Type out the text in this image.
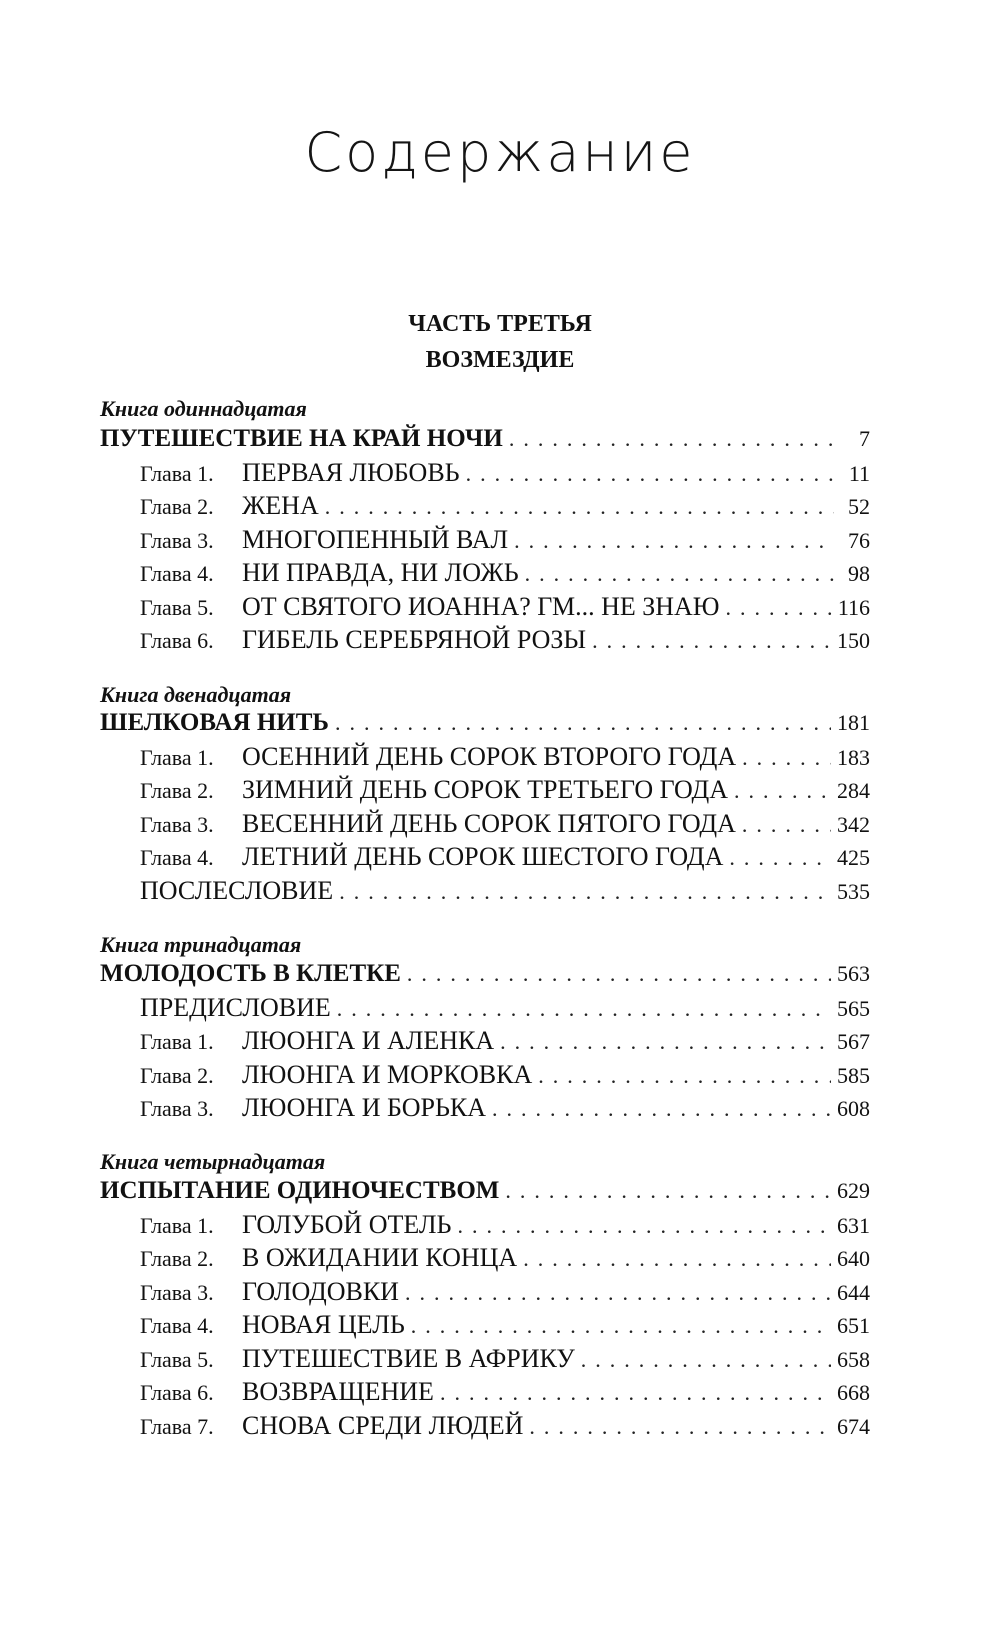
Содержание
ЧАСТЬ ТРЕТЬЯ
ВОЗМЕЗДИЕ
Книга одиннадцатая
ПУТЕШЕСТВИЕ НА КРАЙ НОЧИ .....	7
Глава 1.	ПЕРВАЯ ЛЮБОВЬ .....	11
Глава 2.	ЖЕНА .....	52
Глава 3.	МНОГОПЕННЫЙ ВАЛ .....	76
Глава 4.	НИ ПРАВДА, НИ ЛОЖЬ .....	98
Глава 5.	ОТ СВЯТОГО ИОАННА? ГМ... НЕ ЗНАЮ .....	116
Глава 6.	ГИБЕЛЬ СЕРЕБРЯНОЙ РОЗЫ .....	150
Книга двенадцатая
ШЕЛКОВАЯ НИТЬ .....	181
Глава 1.	ОСЕННИЙ ДЕНЬ СОРОК ВТОРОГО ГОДА .....	183
Глава 2.	ЗИМНИЙ ДЕНЬ СОРОК ТРЕТЬЕГО ГОДА .....	284
Глава 3.	ВЕСЕННИЙ ДЕНЬ СОРОК ПЯТОГО ГОДА .....	342
Глава 4.	ЛЕТНИЙ ДЕНЬ СОРОК ШЕСТОГО ГОДА .....	425
ПОСЛЕСЛОВИЕ .....	535
Книга тринадцатая
МОЛОДОСТЬ В КЛЕТКЕ .....	563
ПРЕДИСЛОВИЕ .....	565
Глава 1.	ЛЮОНГА И АЛЕНКА .....	567
Глава 2.	ЛЮОНГА И МОРКОВКА .....	585
Глава 3.	ЛЮОНГА И БОРЬКА .....	608
Книга четырнадцатая
ИСПЫТАНИЕ ОДИНОЧЕСТВОМ .....	629
Глава 1.	ГОЛУБОЙ ОТЕЛЬ .....	631
Глава 2.	В ОЖИДАНИИ КОНЦА .....	640
Глава 3.	ГОЛОДОВКИ .....	644
Глава 4.	НОВАЯ ЦЕЛЬ .....	651
Глава 5.	ПУТЕШЕСТВИЕ В АФРИКУ .....	658
Глава 6.	ВОЗВРАЩЕНИЕ .....	668
Глава 7.	СНОВА СРЕДИ ЛЮДЕЙ .....	674
